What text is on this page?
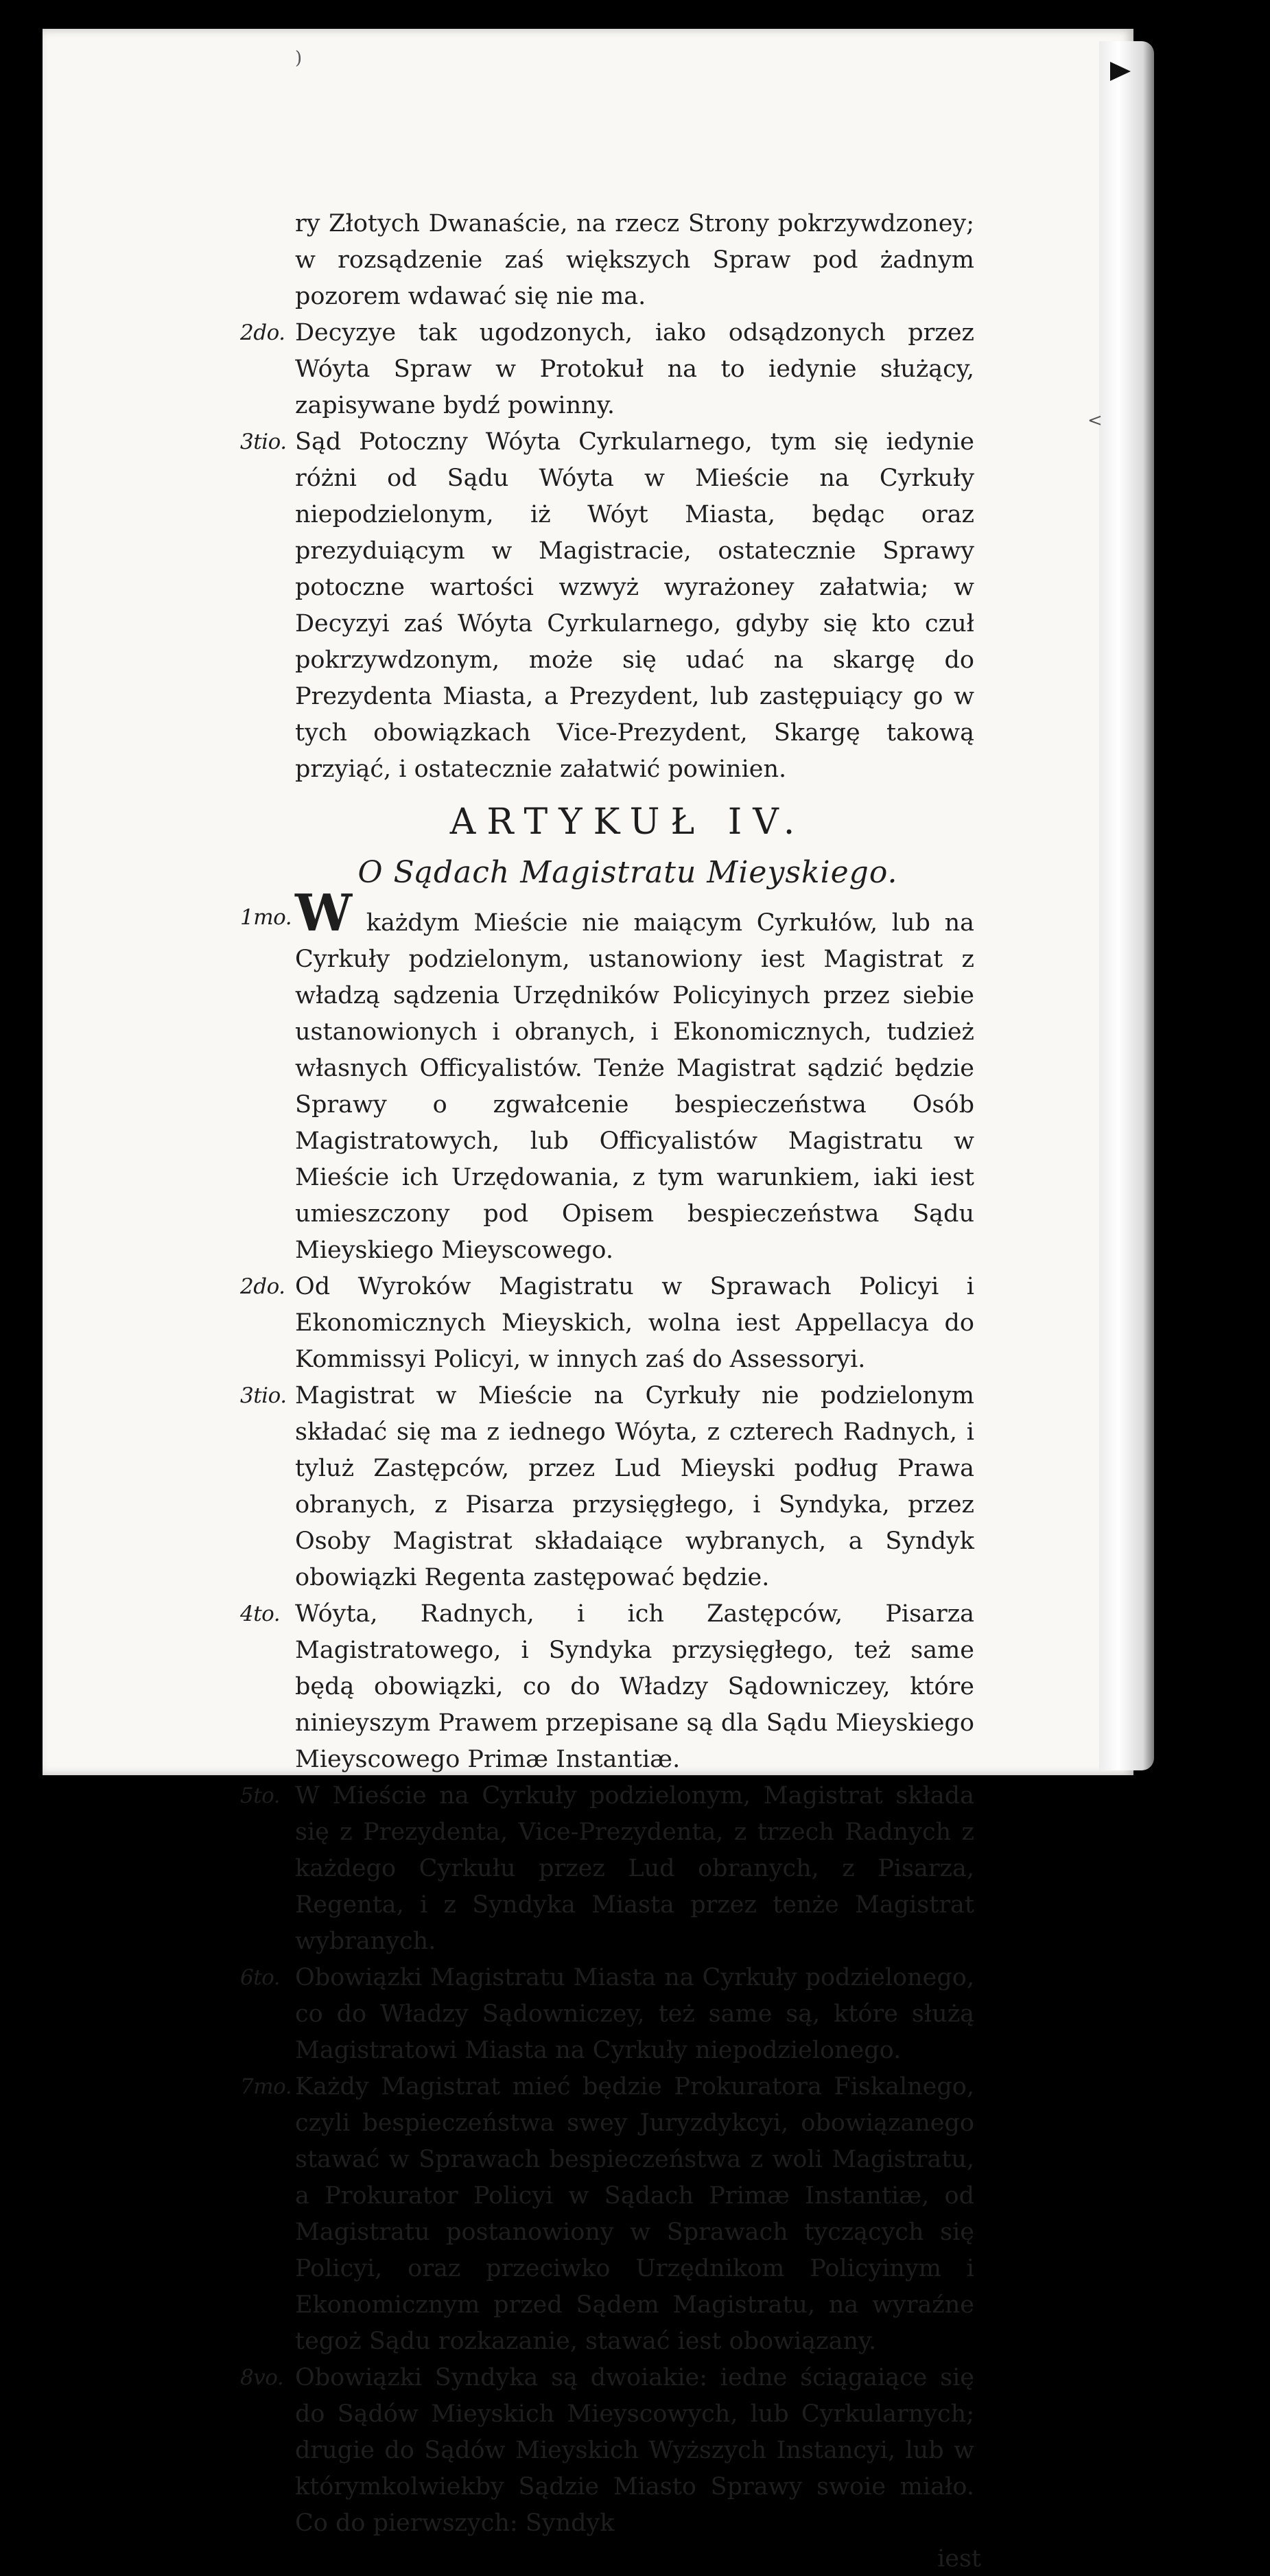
)
<

ry Złotych Dwanaście, na rzecz Strony pokrzywdzoney; w rozsądzenie zaś większych Spraw pod żadnym pozorem wdawać się nie ma.

2do. Decyzye tak ugodzonych, iako odsądzonych przez Wóyta Spraw w Protokuł na to iedynie służący, zapisywane bydź powinny.

3tio. Sąd Potoczny Wóyta Cyrkularnego, tym się iedynie różni od Sądu Wóyta w Mieście na Cyrkuły niepodzielonym, iż Wóyt Miasta, będąc oraz prezyduiącym w Magistracie, ostatecznie Sprawy potoczne wartości wzwyż wyrażoney załatwia; w Decyzyi zaś Wóyta Cyrkularnego, gdyby się kto czuł pokrzywdzonym, może się udać na skargę do Prezydenta Miasta, a Prezydent, lub zastępuiący go w tych obowiązkach Vice-Prezydent, Skargę takową przyiąć, i ostatecznie załatwić powinien.

ARTYKUŁ IV.
O Sądach Magistratu Mieyskiego.

1mo. W każdym Mieście nie maiącym Cyrkułów, lub na Cyrkuły podzielonym, ustanowiony iest Magistrat z władzą sądzenia Urzędników Policyinych przez siebie ustanowionych i obranych, i Ekonomicznych, tudzież własnych Officyalistów. Tenże Magistrat sądzić będzie Sprawy o zgwałcenie bespieczeństwa Osób Magistratowych, lub Officyalistów Magistratu w Mieście ich Urzędowania, z tym warunkiem, iaki iest umieszczony pod Opisem bespieczeństwa Sądu Mieyskiego Mieyscowego.

2do. Od Wyroków Magistratu w Sprawach Policyi i Ekonomicznych Mieyskich, wolna iest Appellacya do Kommissyi Policyi, w innych zaś do Assessoryi.

3tio. Magistrat w Mieście na Cyrkuły nie podzielonym składać się ma z iednego Wóyta, z czterech Radnych, i tyluż Zastępców, przez Lud Mieyski podług Prawa obranych, z Pisarza przysięgłego, i Syndyka, przez Osoby Magistrat składaiące wybranych, a Syndyk obowiązki Regenta zastępować będzie.

4to. Wóyta, Radnych, i ich Zastępców, Pisarza Magistratowego, i Syndyka przysięgłego, też same będą obowiązki, co do Władzy Sądowniczey, które ninieyszym Prawem przepisane są dla Sądu Mieyskiego Mieyscowego Primæ Instantiæ.

5to. W Mieście na Cyrkuły podzielonym, Magistrat składa się z Prezydenta, Vice-Prezydenta, z trzech Radnych z każdego Cyrkułu przez Lud obranych, z Pisarza, Regenta, i z Syndyka Miasta przez tenże Magistrat wybranych.

6to. Obowiązki Magistratu Miasta na Cyrkuły podzielonego, co do Władzy Sądowniczey, też same są, które służą Magistratowi Miasta na Cyrkuły niepodzielonego.

7mo. Każdy Magistrat mieć będzie Prokuratora Fiskalnego, czyli bespieczeństwa swey Juryzdykcyi, obowiązanego stawać w Sprawach bespieczeństwa z woli Magistratu, a Prokurator Policyi w Sądach Primæ Instantiæ, od Magistratu postanowiony w Sprawach tyczących się Policyi, oraz przeciwko Urzędnikom Policyinym i Ekonomicznym przed Sądem Magistratu, na wyraźne tegoż Sądu rozkazanie, stawać iest obowiązany.

8vo. Obowiązki Syndyka są dwoiakie: iedne ściągaiące się do Sądów Mieyskich Mieyscowych, lub Cyrkularnych; drugie do Sądów Mieyskich Wyższych Instancyi, lub w którymkolwiekby Sądzie Miasto Sprawy swoie miało. Co do pierwszych: Syndyk

iest
